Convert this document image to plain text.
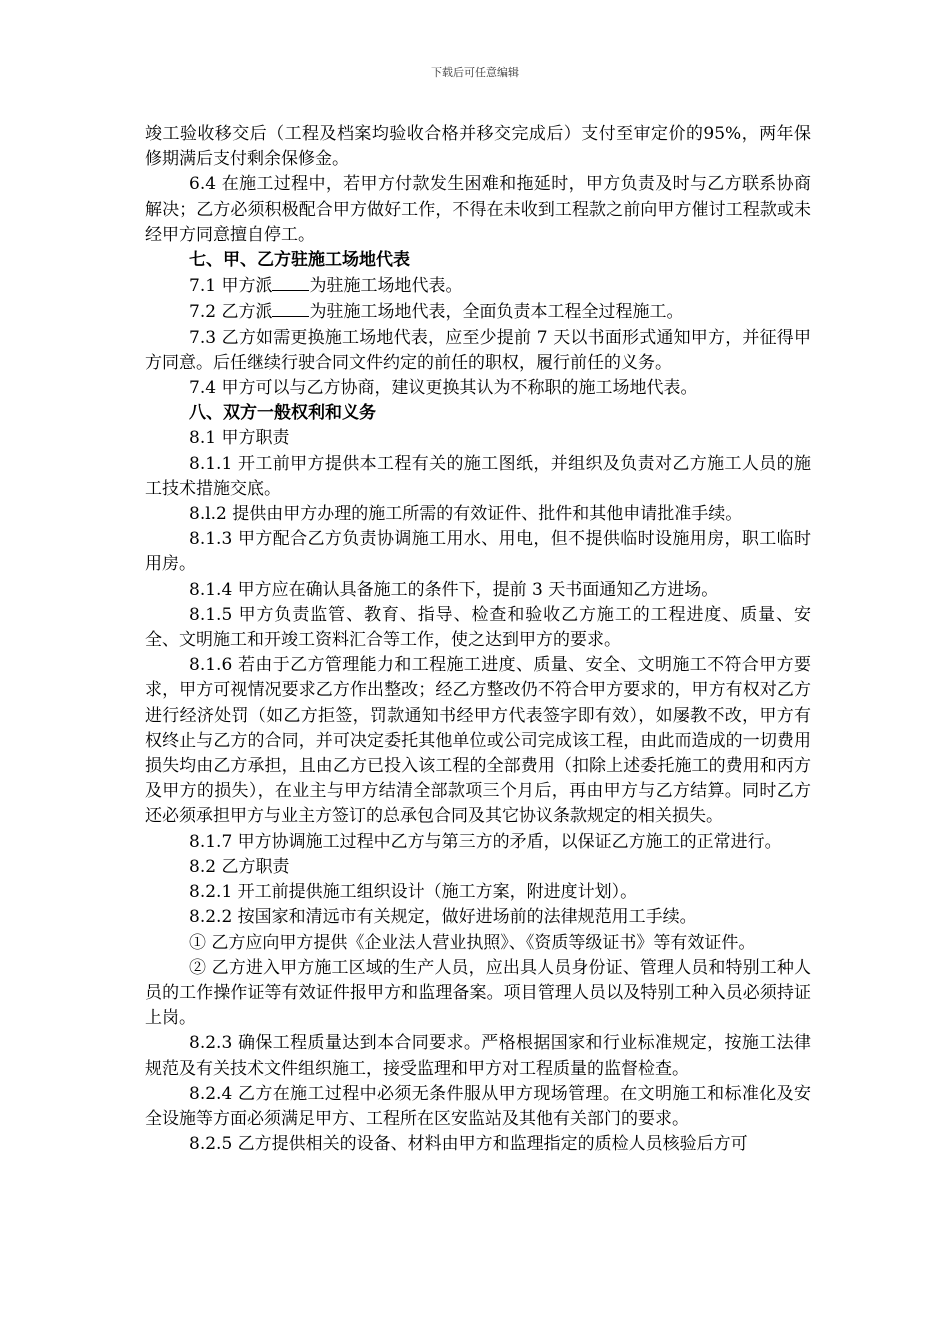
下载后可任意编辑

竣工验收移交后（工程及档案均验收合格并移交完成后）支付至审定价的95%，两年保修期满后支付剩余保修金。

6.4 在施工过程中，若甲方付款发生困难和拖延时，甲方负责及时与乙方联系协商解决；乙方必须积极配合甲方做好工作，不得在未收到工程款之前向甲方催讨工程款或未经甲方同意擅自停工。

七、甲、乙方驻施工场地代表

7.1 甲方派 为驻施工场地代表。

7.2 乙方派 为驻施工场地代表，全面负责本工程全过程施工。

7.3 乙方如需更换施工场地代表，应至少提前 7 天以书面形式通知甲方，并征得甲方同意。后任继续行驶合同文件约定的前任的职权，履行前任的义务。

7.4 甲方可以与乙方协商，建议更换其认为不称职的施工场地代表。

八、双方一般权利和义务

8.1 甲方职责

8.1.1 开工前甲方提供本工程有关的施工图纸，并组织及负责对乙方施工人员的施工技术措施交底。

8.l.2 提供由甲方办理的施工所需的有效证件、批件和其他申请批准手续。

8.1.3 甲方配合乙方负责协调施工用水、用电，但不提供临时设施用房，职工临时用房。

8.1.4 甲方应在确认具备施工的条件下，提前 3 天书面通知乙方进场。

8.1.5 甲方负责监管、教育、指导、检查和验收乙方施工的工程进度、质量、安全、文明施工和开竣工资料汇合等工作，使之达到甲方的要求。

8.1.6 若由于乙方管理能力和工程施工进度、质量、安全、文明施工不符合甲方要求，甲方可视情况要求乙方作出整改；经乙方整改仍不符合甲方要求的，甲方有权对乙方进行经济处罚（如乙方拒签，罚款通知书经甲方代表签字即有效），如屡教不改，甲方有权终止与乙方的合同，并可决定委托其他单位或公司完成该工程，由此而造成的一切费用损失均由乙方承担，且由乙方已投入该工程的全部费用（扣除上述委托施工的费用和丙方及甲方的损失），在业主与甲方结清全部款项三个月后，再由甲方与乙方结算。同时乙方还必须承担甲方与业主方签订的总承包合同及其它协议条款规定的相关损失。

8.1.7 甲方协调施工过程中乙方与第三方的矛盾，以保证乙方施工的正常进行。

8.2 乙方职责

8.2.1 开工前提供施工组织设计（施工方案，附进度计划）。

8.2.2 按国家和清远市有关规定，做好进场前的法律规范用工手续。

① 乙方应向甲方提供《企业法人营业执照》、《资质等级证书》等有效证件。

② 乙方进入甲方施工区域的生产人员，应出具人员身份证、管理人员和特别工种人员的工作操作证等有效证件报甲方和监理备案。项目管理人员以及特别工种入员必须持证上岗。

8.2.3 确保工程质量达到本合同要求。严格根据国家和行业标准规定，按施工法律规范及有关技术文件组织施工，接受监理和甲方对工程质量的监督检查。

8.2.4 乙方在施工过程中必须无条件服从甲方现场管理。在文明施工和标准化及安全设施等方面必须满足甲方、工程所在区安监站及其他有关部门的要求。

8.2.5 乙方提供相关的设备、材料由甲方和监理指定的质检人员核验后方可
